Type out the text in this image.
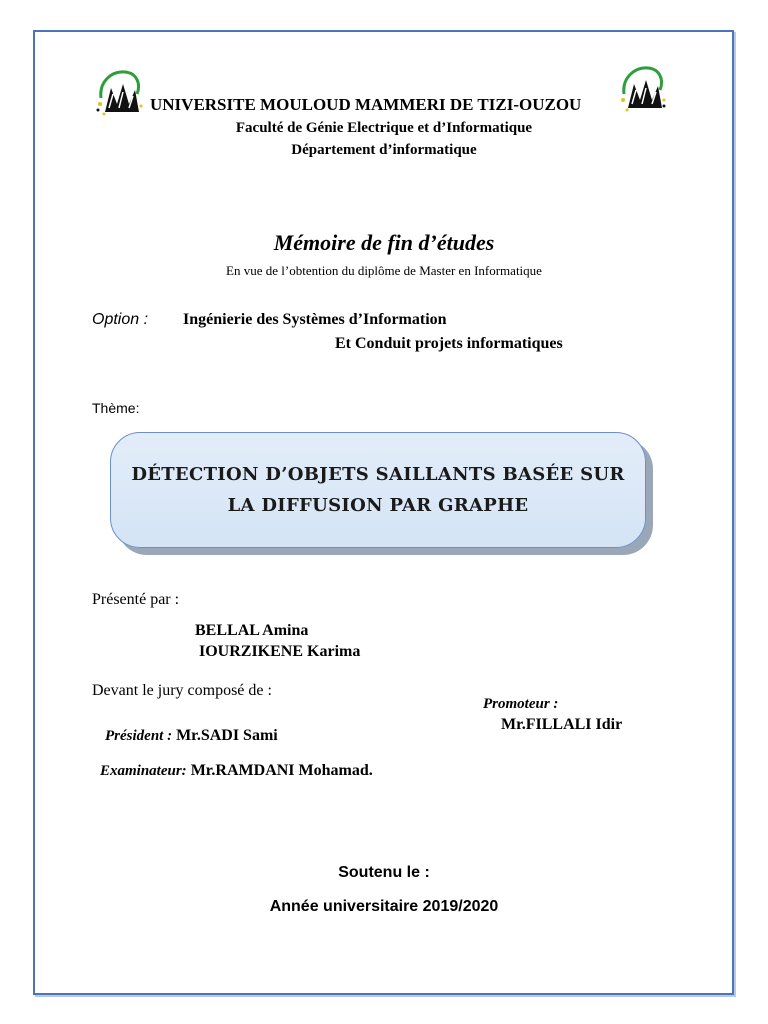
UNIVERSITE MOULOUD MAMMERI DE TIZI-OUZOU
Faculté de Génie Electrique et d’Informatique
Département d’informatique
Mémoire de fin d’études
En vue de l’obtention du diplôme de Master en Informatique
Option : Ingénierie des Systèmes d’Information
Et Conduit projets informatiques
Thème:
DÉTECTION D’OBJETS SAILLANTS BASÉE SUR
LA DIFFUSION PAR GRAPHE
Présenté par :
BELLAL Amina
IOURZIKENE Karima
Devant le jury composé de :
Promoteur :
Mr.FILLALI Idir
Président : Mr.SADI Sami
Examinateur: Mr.RAMDANI Mohamad.
Soutenu le :
Année universitaire 2019/2020
